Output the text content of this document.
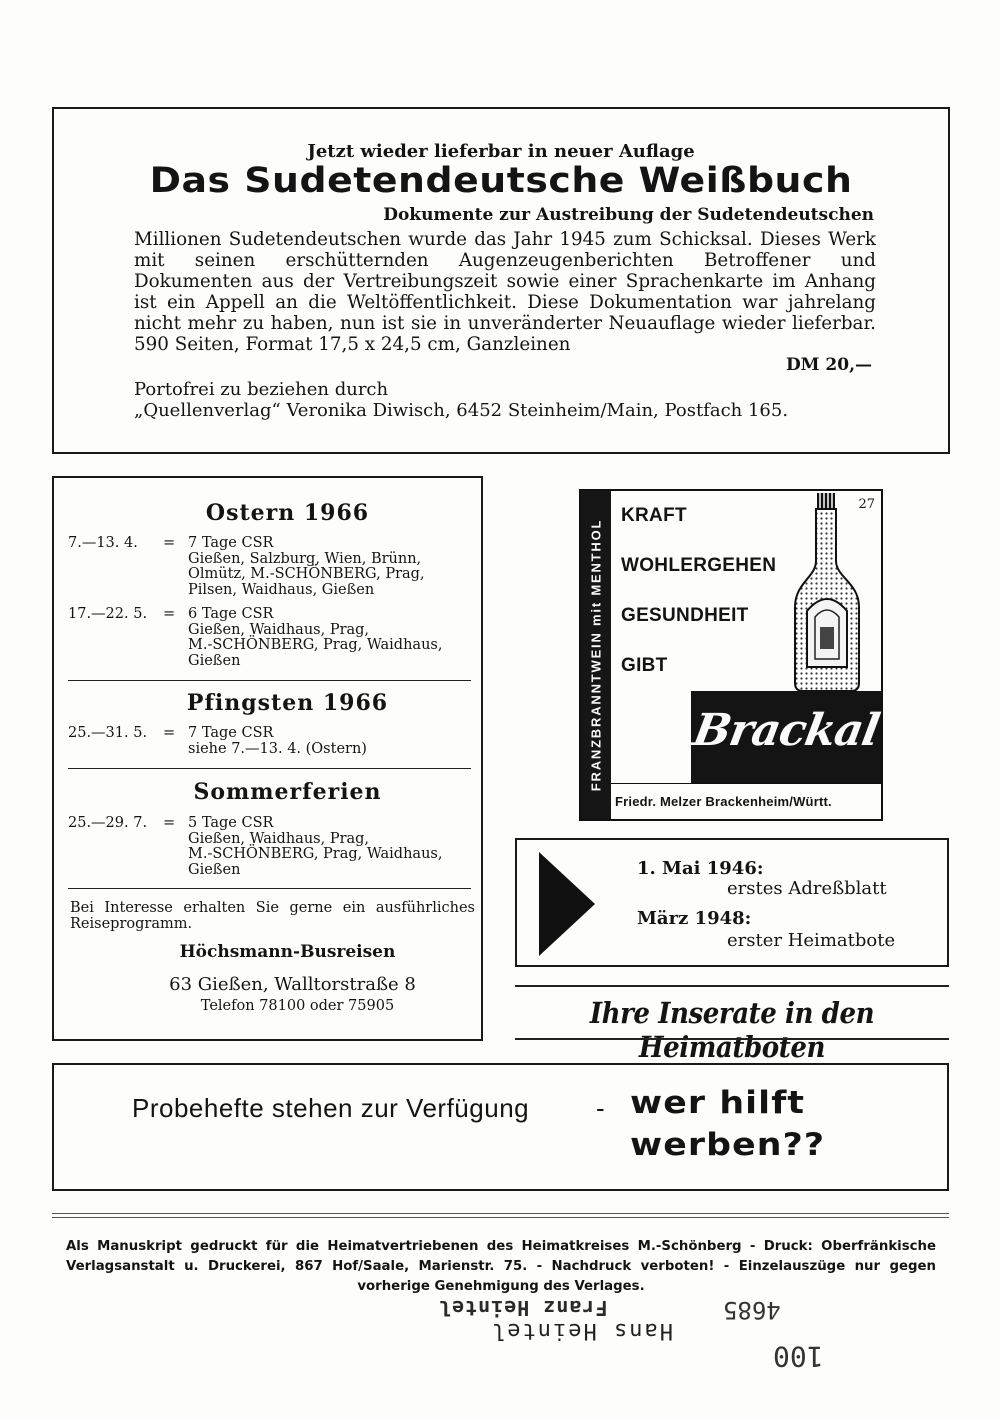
Jetzt wieder lieferbar in neuer Auflage
Das Sudetendeutsche Weißbuch
Dokumente zur Austreibung der Sudetendeutschen
Millionen Sudetendeutschen wurde das Jahr 1945 zum Schicksal. Dieses Werk mit seinen erschütternden Augenzeugenberichten Betroffener und Dokumenten aus der Vertreibungszeit sowie einer Sprachenkarte im Anhang ist ein Appell an die Weltöffentlichkeit. Diese Dokumentation war jahrelang nicht mehr zu haben, nun ist sie in unveränderter Neuauflage wieder lieferbar. 590 Seiten, Format 17,5 x 24,5 cm, Ganzleinen
DM 20,—
Portofrei zu beziehen durch
„Quellenverlag“ Veronika Diwisch, 6452 Steinheim/Main, Postfach 165.
Ostern 1966
7.—13. 4. = 7 Tage CSR
Gießen, Salzburg, Wien, Brünn,
Olmütz, M.-SCHÖNBERG, Prag,
Pilsen, Waidhaus, Gießen
17.—22. 5. = 6 Tage CSR
Gießen, Waidhaus, Prag,
M.-SCHÖNBERG, Prag, Waidhaus,
Gießen
Pfingsten 1966
25.—31. 5. = 7 Tage CSR
siehe 7.—13. 4. (Ostern)
Sommerferien
25.—29. 7. = 5 Tage CSR
Gießen, Waidhaus, Prag,
M.-SCHÖNBERG, Prag, Waidhaus,
Gießen
Bei Interesse erhalten Sie gerne ein ausführliches Reiseprogramm.
Höchsmann-Busreisen
63 Gießen, Walltorstraße 8
Telefon 78100 oder 75905
FRANZBRANNTWEIN mit MENTHOL
KRAFT
WOHLERGEHEN
GESUNDHEIT
GIBT
27
Brackal
Friedr. Melzer Brackenheim/Württ.
1. Mai 1946:
erstes Adreßblatt
März 1948:
erster Heimatbote
Ihre Inserate in den Heimatboten
Probehefte stehen zur Verfügung	- wer hilft
werben??
Als Manuskript gedruckt für die Heimatvertriebenen des Heimatkreises M.-Schönberg - Druck: Oberfränkische Verlagsanstalt u. Druckerei, 867 Hof/Saale, Marienstr. 75. - Nachdruck verboten! - Einzelauszüge nur gegen vorherige Genehmigung des Verlages.
Franz Heintel	4685
Hans Heintel
100
